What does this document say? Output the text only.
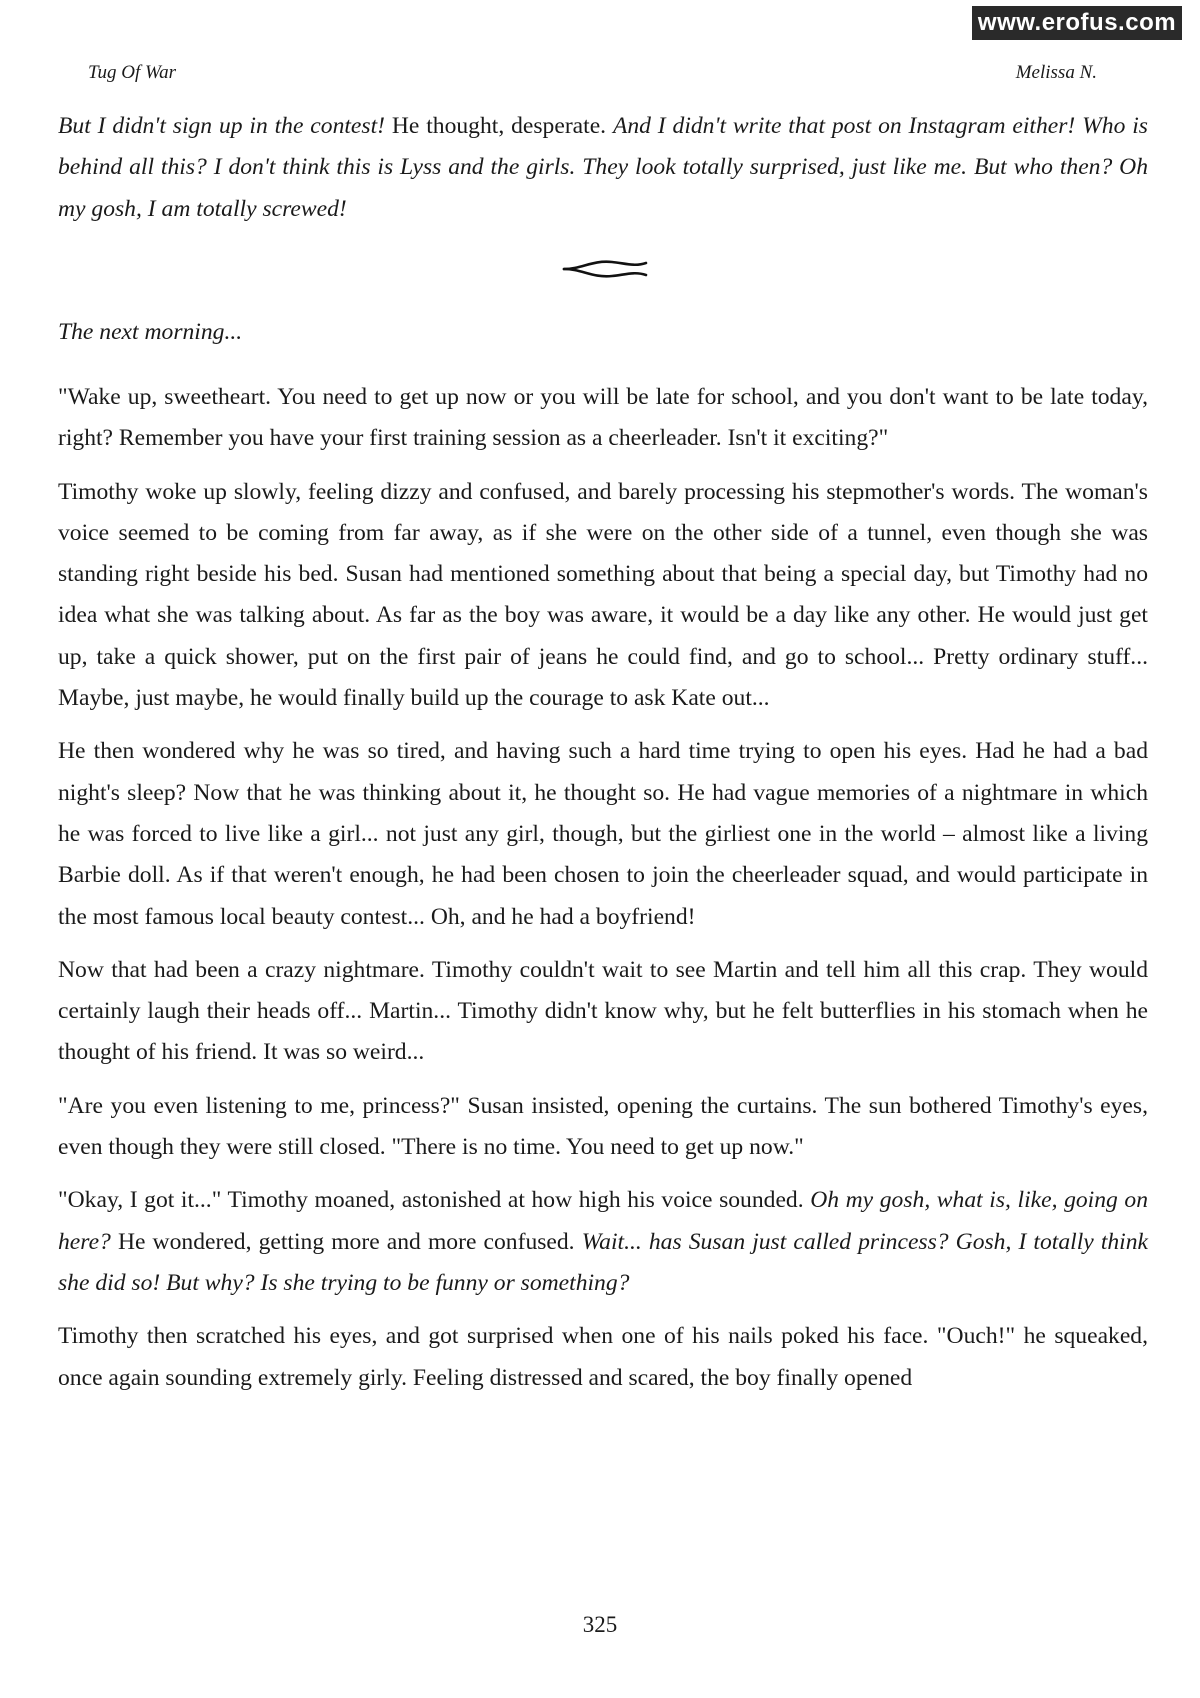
www.erofus.com
Tug Of War	Melissa N.

But I didn't sign up in the contest! He thought, desperate. And I didn't write that post on Instagram either! Who is behind all this? I don't think this is Lyss and the girls. They look totally surprised, just like me. But who then? Oh my gosh, I am totally screwed!

The next morning...

"Wake up, sweetheart. You need to get up now or you will be late for school, and you don't want to be late today, right? Remember you have your first training session as a cheerleader. Isn't it exciting?"

Timothy woke up slowly, feeling dizzy and confused, and barely processing his stepmother's words. The woman's voice seemed to be coming from far away, as if she were on the other side of a tunnel, even though she was standing right beside his bed. Susan had mentioned something about that being a special day, but Timothy had no idea what she was talking about. As far as the boy was aware, it would be a day like any other. He would just get up, take a quick shower, put on the first pair of jeans he could find, and go to school... Pretty ordinary stuff... Maybe, just maybe, he would finally build up the courage to ask Kate out...

He then wondered why he was so tired, and having such a hard time trying to open his eyes. Had he had a bad night's sleep? Now that he was thinking about it, he thought so. He had vague memories of a nightmare in which he was forced to live like a girl... not just any girl, though, but the girliest one in the world – almost like a living Barbie doll. As if that weren't enough, he had been chosen to join the cheerleader squad, and would participate in the most famous local beauty contest... Oh, and he had a boyfriend!

Now that had been a crazy nightmare. Timothy couldn't wait to see Martin and tell him all this crap. They would certainly laugh their heads off... Martin... Timothy didn't know why, but he felt butterflies in his stomach when he thought of his friend. It was so weird...

"Are you even listening to me, princess?" Susan insisted, opening the curtains. The sun bothered Timothy's eyes, even though they were still closed. "There is no time. You need to get up now."

"Okay, I got it..." Timothy moaned, astonished at how high his voice sounded. Oh my gosh, what is, like, going on here? He wondered, getting more and more confused. Wait... has Susan just called princess? Gosh, I totally think she did so! But why? Is she trying to be funny or something?

Timothy then scratched his eyes, and got surprised when one of his nails poked his face. "Ouch!" he squeaked, once again sounding extremely girly. Feeling distressed and scared, the boy finally opened

325
